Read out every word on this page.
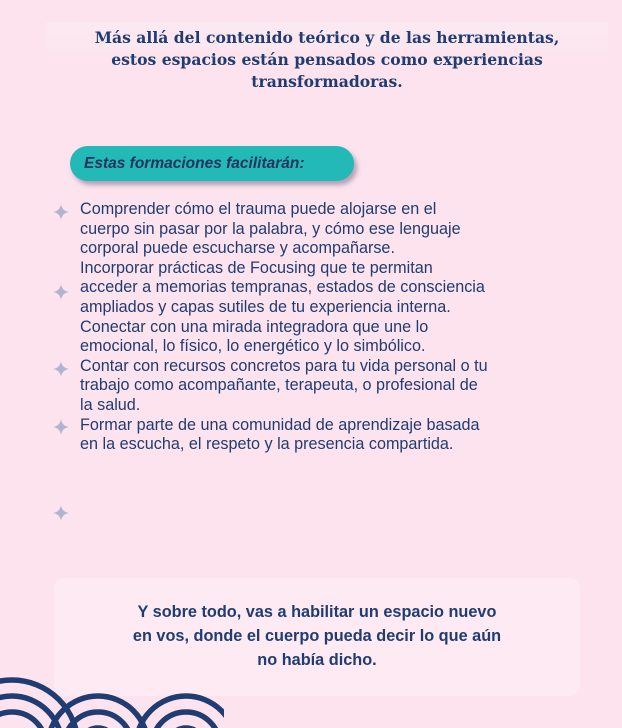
Más allá del contenido teórico y de las herramientas,
estos espacios están pensados como experiencias
transformadoras.
Estas formaciones facilitarán:

Comprender cómo el trauma puede alojarse en el

cuerpo sin pasar por la palabra, y cómo ese lenguaje

corporal puede escucharse y acompañarse.

Incorporar prácticas de Focusing que te permitan

acceder a memorias tempranas, estados de consciencia

ampliados y capas sutiles de tu experiencia interna.

Conectar con una mirada integradora que une lo

emocional, lo físico, lo energético y lo simbólico.

Contar con recursos concretos para tu vida personal o tu

trabajo como acompañante, terapeuta, o profesional de

la salud.

Formar parte de una comunidad de aprendizaje basada

en la escucha, el respeto y la presencia compartida.

Y sobre todo, vas a habilitar un espacio nuevo
en vos, donde el cuerpo pueda decir lo que aún
no había dicho.
